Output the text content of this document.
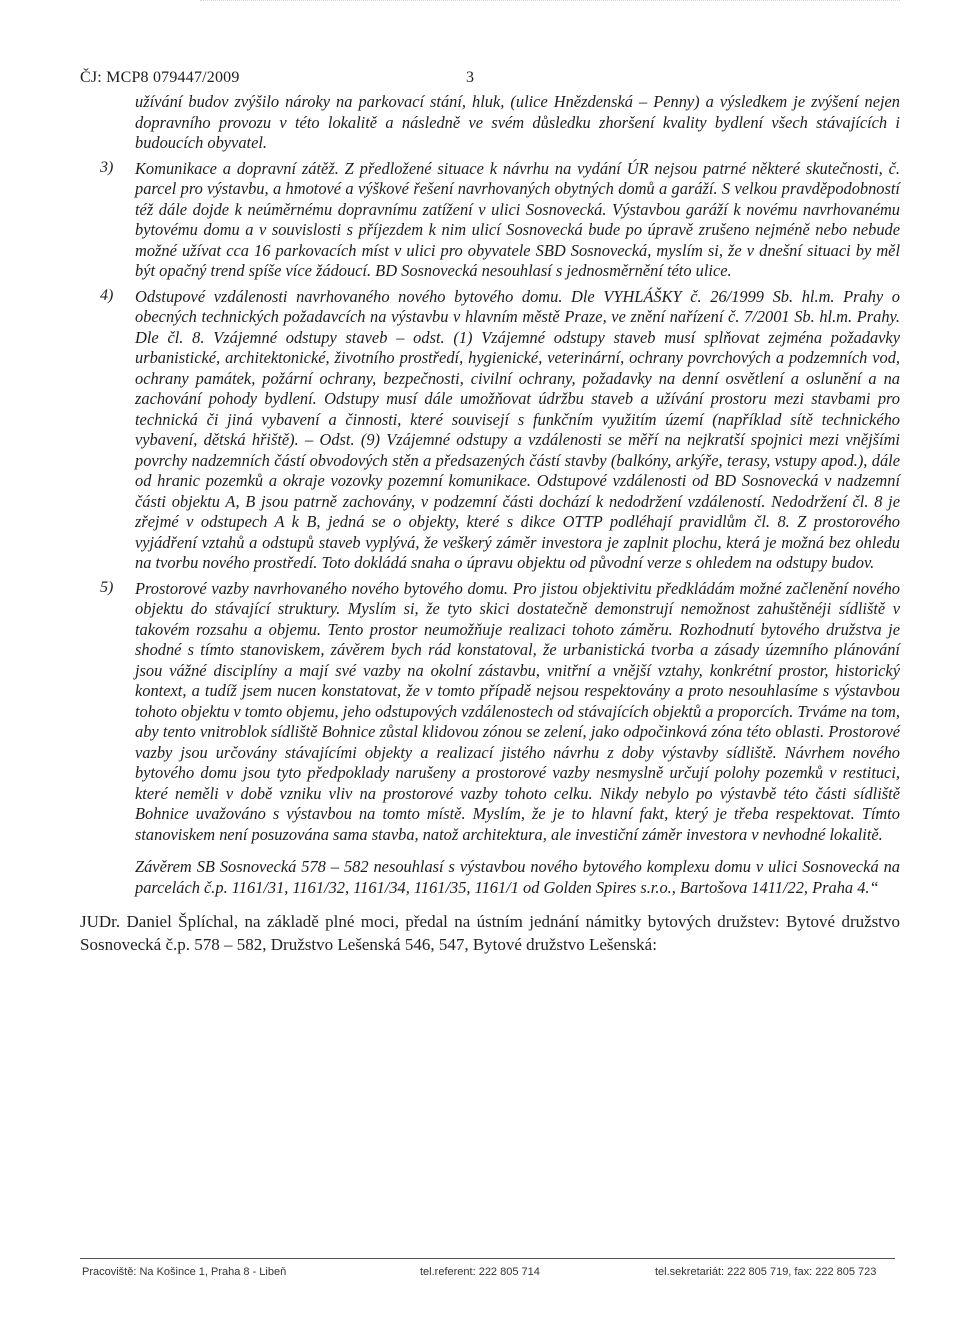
ČJ: MCP8 079447/2009	3

užívání budov zvýšilo nároky na parkovací stání, hluk, (ulice Hnězdenská – Penny) a výsledkem je zvýšení nejen dopravního provozu v této lokalitě a následně ve svém důsledku zhoršení kvality bydlení všech stávajících i budoucích obyvatel.

3) Komunikace a dopravní zátěž. Z předložené situace k návrhu na vydání ÚR nejsou patrné některé skutečnosti, č. parcel pro výstavbu, a hmotové a výškové řešení navrhovaných obytných domů a garáží. S velkou pravděpodobností též dále dojde k neúměrnému dopravnímu zatížení v ulici Sosnovecká. Výstavbou garáží k novému navrhovanému bytovému domu a v souvislosti s příjezdem k nim ulicí Sosnovecká bude po úpravě zrušeno nejméně nebo nebude možné užívat cca 16 parkovacích míst v ulici pro obyvatele SBD Sosnovecká, myslím si, že v dnešní situaci by měl být opačný trend spíše více žádoucí. BD Sosnovecká nesouhlasí s jednosměrnění této ulice.

4) Odstupové vzdálenosti navrhovaného nového bytového domu. Dle VYHLÁŠKY č. 26/1999 Sb. hl.m. Prahy o obecných technických požadavcích na výstavbu v hlavním městě Praze, ve znění nařízení č. 7/2001 Sb. hl.m. Prahy. Dle čl. 8. Vzájemné odstupy staveb – odst. (1) Vzájemné odstupy staveb musí splňovat zejména požadavky urbanistické, architektonické, životního prostředí, hygienické, veterinární, ochrany povrchových a podzemních vod, ochrany památek, požární ochrany, bezpečnosti, civilní ochrany, požadavky na denní osvětlení a oslunění a na zachování pohody bydlení. Odstupy musí dále umožňovat údržbu staveb a užívání prostoru mezi stavbami pro technická či jiná vybavení a činnosti, které souvisejí s funkčním využitím území (například sítě technického vybavení, dětská hřiště). – Odst. (9) Vzájemné odstupy a vzdálenosti se měří na nejkratší spojnici mezi vnějšími povrchy nadzemních částí obvodových stěn a předsazených částí stavby (balkóny, arkýře, terasy, vstupy apod.), dále od hranic pozemků a okraje vozovky pozemní komunikace. Odstupové vzdálenosti od BD Sosnovecká v nadzemní části objektu A, B jsou patrně zachovány, v podzemní části dochází k nedodržení vzdáleností. Nedodržení čl. 8 je zřejmé v odstupech A k B, jedná se o objekty, které s dikce OTTP podléhají pravidlům čl. 8. Z prostorového vyjádření vztahů a odstupů staveb vyplývá, že veškerý záměr investora je zaplnit plochu, která je možná bez ohledu na tvorbu nového prostředí. Toto dokládá snaha o úpravu objektu od původní verze s ohledem na odstupy budov.

5) Prostorové vazby navrhovaného nového bytového domu. Pro jistou objektivitu předkládám možné začlenění nového objektu do stávající struktury. Myslím si, že tyto skici dostatečně demonstrují nemožnost zahuštěnéji sídliště v takovém rozsahu a objemu. Tento prostor neumožňuje realizaci tohoto záměru. Rozhodnutí bytového družstva je shodné s tímto stanoviskem, závěrem bych rád konstatoval, že urbanistická tvorba a zásady územního plánování jsou vážné disciplíny a mají své vazby na okolní zástavbu, vnitřní a vnější vztahy, konkrétní prostor, historický kontext, a tudíž jsem nucen konstatovat, že v tomto případě nejsou respektovány a proto nesouhlasíme s výstavbou tohoto objektu v tomto objemu, jeho odstupových vzdálenostech od stávajících objektů a proporcích. Trváme na tom, aby tento vnitroblok sídliště Bohnice zůstal klidovou zónou se zelení, jako odpočinková zóna této oblasti. Prostorové vazby jsou určovány stávajícími objekty a realizací jistého návrhu z doby výstavby sídliště. Návrhem nového bytového domu jsou tyto předpoklady narušeny a prostorové vazby nesmyslně určují polohy pozemků v restituci, které neměli v době vzniku vliv na prostorové vazby tohoto celku. Nikdy nebylo po výstavbě této části sídliště Bohnice uvažováno s výstavbou na tomto místě. Myslím, že je to hlavní fakt, který je třeba respektovat. Tímto stanoviskem není posuzována sama stavba, natož architektura, ale investiční záměr investora v nevhodné lokalitě.

Závěrem SB Sosnovecká 578 – 582 nesouhlasí s výstavbou nového bytového komplexu domu v ulici Sosnovecká na parcelách č.p. 1161/31, 1161/32, 1161/34, 1161/35, 1161/1 od Golden Spires s.r.o., Bartošova 1411/22, Praha 4.“

JUDr. Daniel Šplíchal, na základě plné moci, předal na ústním jednání námitky bytových družstev: Bytové družstvo Sosnovecká č.p. 578 – 582, Družstvo Lešenská 546, 547, Bytové družstvo Lešenská:

Pracoviště: Na Košince 1, Praha 8 - Libeň	tel.referent: 222 805 714	tel.sekretariát: 222 805 719, fax: 222 805 723
